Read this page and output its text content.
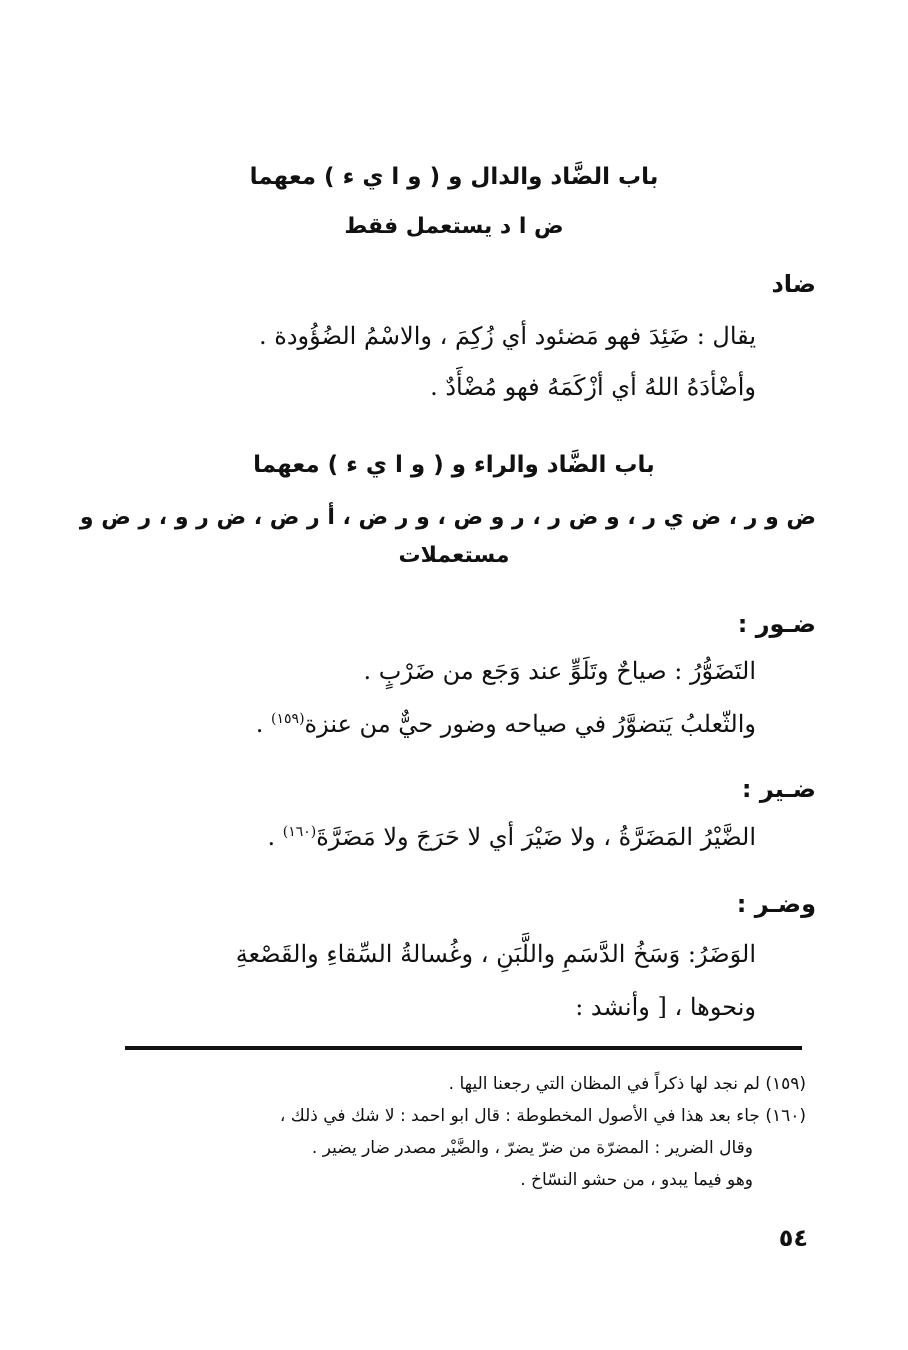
باب الضَّاد والدال و ( و ا ي ء ) معهما
ض ا د يستعمل فقط
ضاد
يقال : ضَئِدَ فهو مَضئود أي زُكِمَ ، والاسْمُ الضُؤُودة .
وأضْأدَهُ اللهُ أي أزْكَمَهُ فهو مُضْأَدٌ .
باب الضَّاد والراء و ( و ا ي ء ) معهما
ض و ر ، ض ي ر ، و ض ر ، ر و ض ، و ر ض ، أ ر ض ، ض ر و ، ر ض و
مستعملات
ضـور :
التَضَوُّرُ : صياحٌ وتَلَوٍّ عند وَجَع من ضَرْبٍ .
والثّعلبُ يَتضوَّرُ في صياحه وضور حيٌّ من عنزة$^{(١٥٩)}$ .
ضـير :
الضَّيْرُ المَضَرَّةُ ، ولا ضَيْرَ أي لا حَرَجَ ولا مَضَرَّةَ$^{(١٦٠)}$ .
وضـر :
الوَضَرُ: وَسَخُ الدَّسَمِ واللَّبَنِ ، وغُسالةُ السِّقاءِ والقَصْعةِ
ونحوها ، [ وأنشد :
(١٥٩) لم نجد لها ذكراً في المظان التي رجعنا اليها .
(١٦٠) جاء بعد هذا في الأصول المخطوطة : قال ابو احمد : لا شك في ذلك ،
وقال الضرير : المضرّة من ضرّ يضرّ ، والضَّيْر مصدر ضار يضير .
وهو فيما يبدو ، من حشو النسّاخ .
٥٤
